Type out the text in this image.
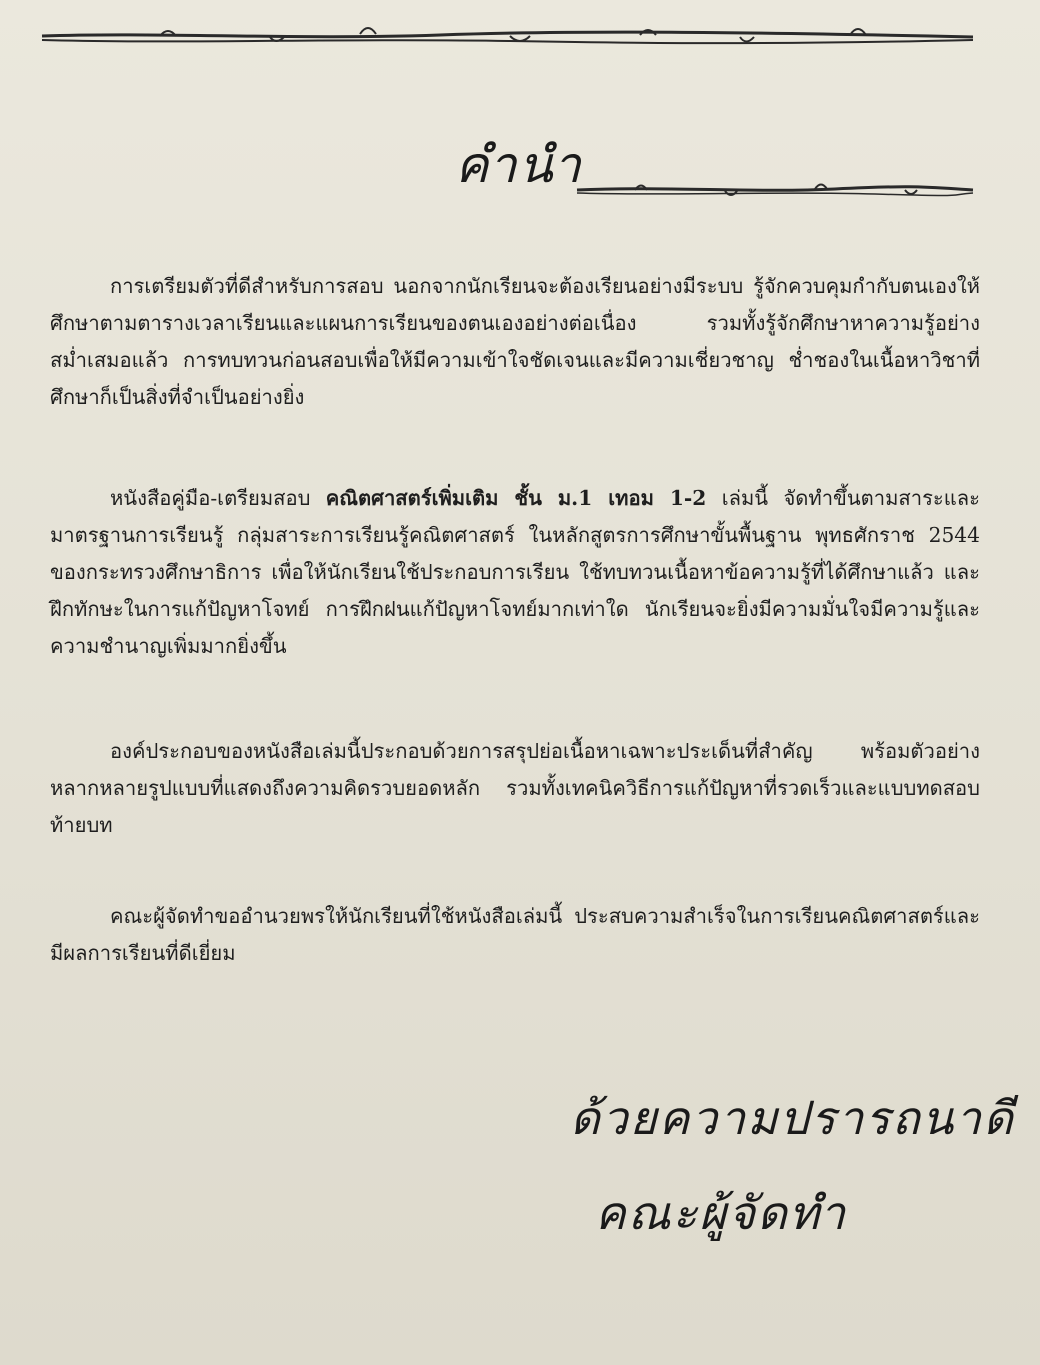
คำนำ

การเตรียมตัวที่ดีสำหรับการสอบ นอกจากนักเรียนจะต้องเรียนอย่างมีระบบ รู้จักควบคุมกำกับตนเองให้ศึกษาตามตารางเวลาเรียนและแผนการเรียนของตนเองอย่างต่อเนื่อง รวมทั้งรู้จักศึกษาหาความรู้อย่างสม่ำเสมอแล้ว การทบทวนก่อนสอบเพื่อให้มีความเข้าใจชัดเจนและมีความเชี่ยวชาญ ช่ำชองในเนื้อหาวิชาที่ศึกษาก็เป็นสิ่งที่จำเป็นอย่างยิ่ง

หนังสือคู่มือ-เตรียมสอบ คณิตศาสตร์เพิ่มเติม ชั้น ม.1 เทอม 1-2 เล่มนี้ จัดทำขึ้นตามสาระและมาตรฐานการเรียนรู้ กลุ่มสาระการเรียนรู้คณิตศาสตร์ ในหลักสูตรการศึกษาขั้นพื้นฐาน พุทธศักราช 2544 ของกระทรวงศึกษาธิการ เพื่อให้นักเรียนใช้ประกอบการเรียน ใช้ทบทวนเนื้อหาข้อความรู้ที่ได้ศึกษาแล้ว และฝึกทักษะในการแก้ปัญหาโจทย์ การฝึกฝนแก้ปัญหาโจทย์มากเท่าใด นักเรียนจะยิ่งมีความมั่นใจมีความรู้และความชำนาญเพิ่มมากยิ่งขึ้น

องค์ประกอบของหนังสือเล่มนี้ประกอบด้วยการสรุปย่อเนื้อหาเฉพาะประเด็นที่สำคัญ พร้อมตัวอย่างหลากหลายรูปแบบที่แสดงถึงความคิดรวบยอดหลัก รวมทั้งเทคนิควิธีการแก้ปัญหาที่รวดเร็วและแบบทดสอบท้ายบท

คณะผู้จัดทำขออำนวยพรให้นักเรียนที่ใช้หนังสือเล่มนี้ ประสบความสำเร็จในการเรียนคณิตศาสตร์และมีผลการเรียนที่ดีเยี่ยม

ด้วยความปรารถนาดี
คณะผู้จัดทำ
